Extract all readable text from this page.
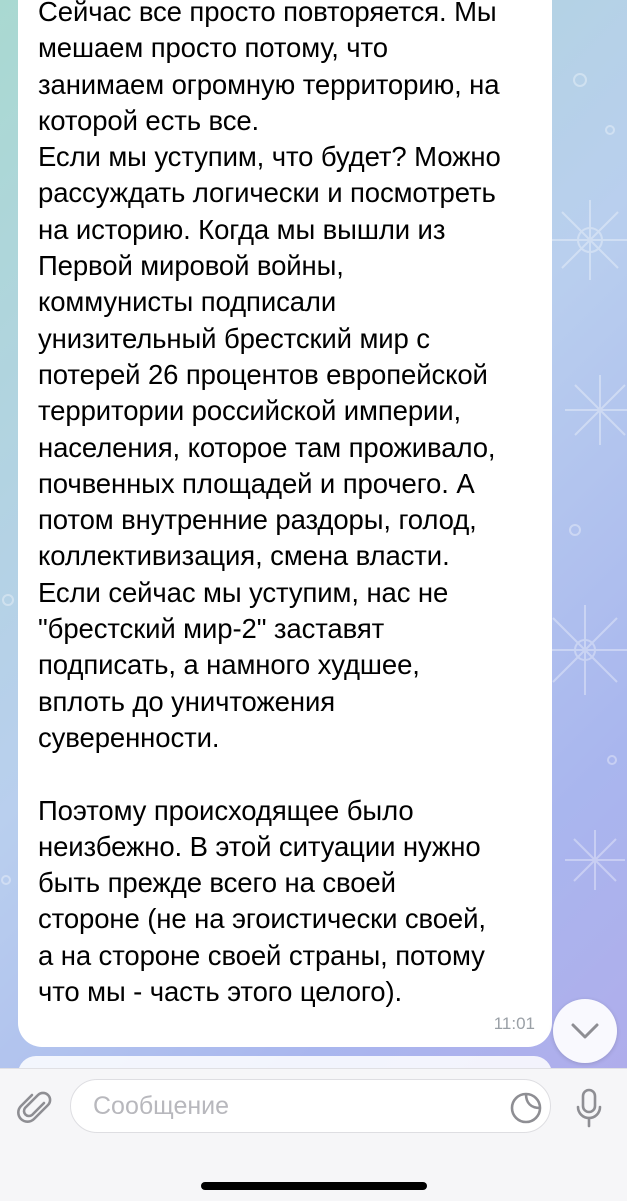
Сейчас все просто повторяется. Мы
мешаем просто потому, что
занимаем огромную территорию, на
которой есть все.
Если мы уступим, что будет? Можно
рассуждать логически и посмотреть
на историю. Когда мы вышли из
Первой мировой войны,
коммунисты подписали
унизительный брестский мир с
потерей 26 процентов европейской
территории российской империи,
населения, которое там проживало,
почвенных площадей и прочего. А
потом внутренние раздоры, голод,
коллективизация, смена власти.
Если сейчас мы уступим, нас не
"брестский мир-2" заставят
подписать, а намного худшее,
вплоть до уничтожения
суверенности.

Поэтому происходящее было
неизбежно. В этой ситуации нужно
быть прежде всего на своей
стороне (не на эгоистически своей,
а на стороне своей страны, потому
что мы - часть этого целого).

11:01
Сообщение
